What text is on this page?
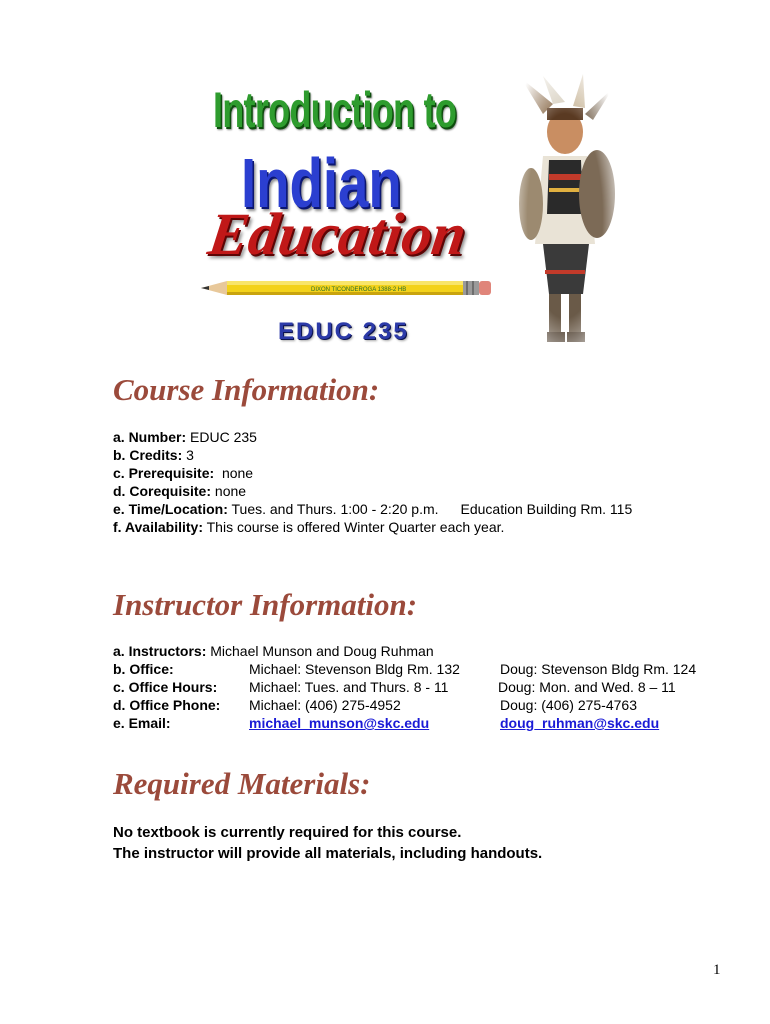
Introduction to
Indian
Education
DIXON TICONDEROGA 1388-2 HB
EDUC 235
Course Information:
a. Number: EDUC 235
b. Credits: 3
c. Prerequisite: none
d. Corequisite: none
e. Time/Location: Tues. and Thurs. 1:00 - 2:20 p.m. Education Building Rm. 115
f. Availability: This course is offered Winter Quarter each year.
Instructor Information:
a. Instructors: Michael Munson and Doug Ruhman
b. Office:	Michael: Stevenson Bldg Rm. 132	Doug: Stevenson Bldg Rm. 124
c. Office Hours: Michael: Tues. and Thurs. 8 - 11	Doug: Mon. and Wed. 8 – 11
d. Office Phone: Michael: (406) 275-4952	Doug: (406) 275-4763
e. Email:	michael_munson@skc.edu	doug_ruhman@skc.edu
Required Materials:
No textbook is currently required for this course.
The instructor will provide all materials, including handouts.
1
